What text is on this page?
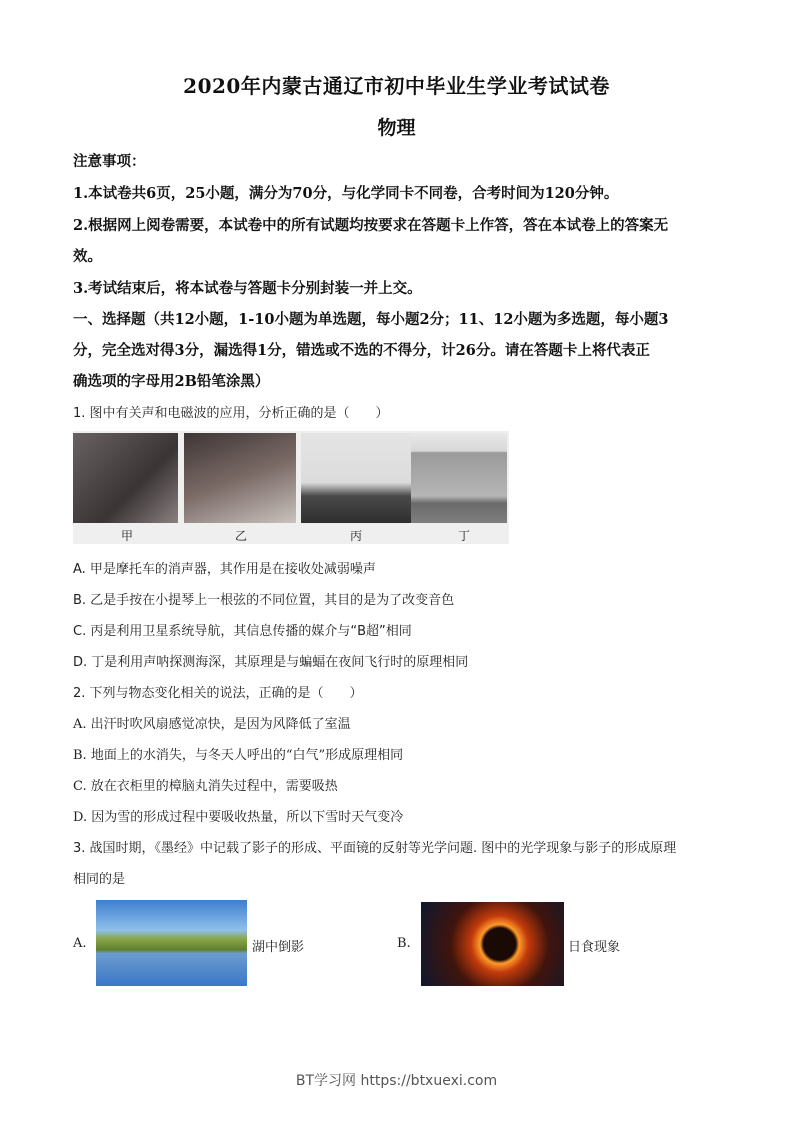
2020年内蒙古通辽市初中毕业生学业考试试卷
物理
注意事项：
1.本试卷共6页，25小题，满分为70分，与化学同卡不同卷，合考时间为120分钟。
2.根据网上阅卷需要，本试卷中的所有试题均按要求在答题卡上作答，答在本试卷上的答案无
效。
3.考试结束后，将本试卷与答题卡分别封装一并上交。
一、选择题（共12小题，1-10小题为单选题，每小题2分；11、12小题为多选题，每小题3
分，完全选对得3分，漏选得1分，错选或不选的不得分，计26分。请在答题卡上将代表正
确选项的字母用2B铅笔涂黑）
1. 图中有关声和电磁波的应用，分析正确的是（　　）
甲	乙	丙	丁
A. 甲是摩托车的消声器，其作用是在接收处减弱噪声
B. 乙是手按在小提琴上一根弦的不同位置，其目的是为了改变音色
C. 丙是利用卫星系统导航，其信息传播的媒介与“B超”相同
D. 丁是利用声呐探测海深，其原理是与蝙蝠在夜间飞行时的原理相同
2. 下列与物态变化相关的说法，正确的是（　　）
A. 出汗时吹风扇感觉凉快，是因为风降低了室温
B. 地面上的水消失，与冬天人呼出的“白气”形成原理相同
C. 放在衣柜里的樟脑丸消失过程中，需要吸热
D. 因为雪的形成过程中要吸收热量，所以下雪时天气变冷
3. 战国时期，《墨经》中记载了影子的形成、平面镜的反射等光学问题. 图中的光学现象与影子的形成原理
相同的是
A.	湖中倒影	B.	日食现象
BT学习网 https://btxuexi.com
